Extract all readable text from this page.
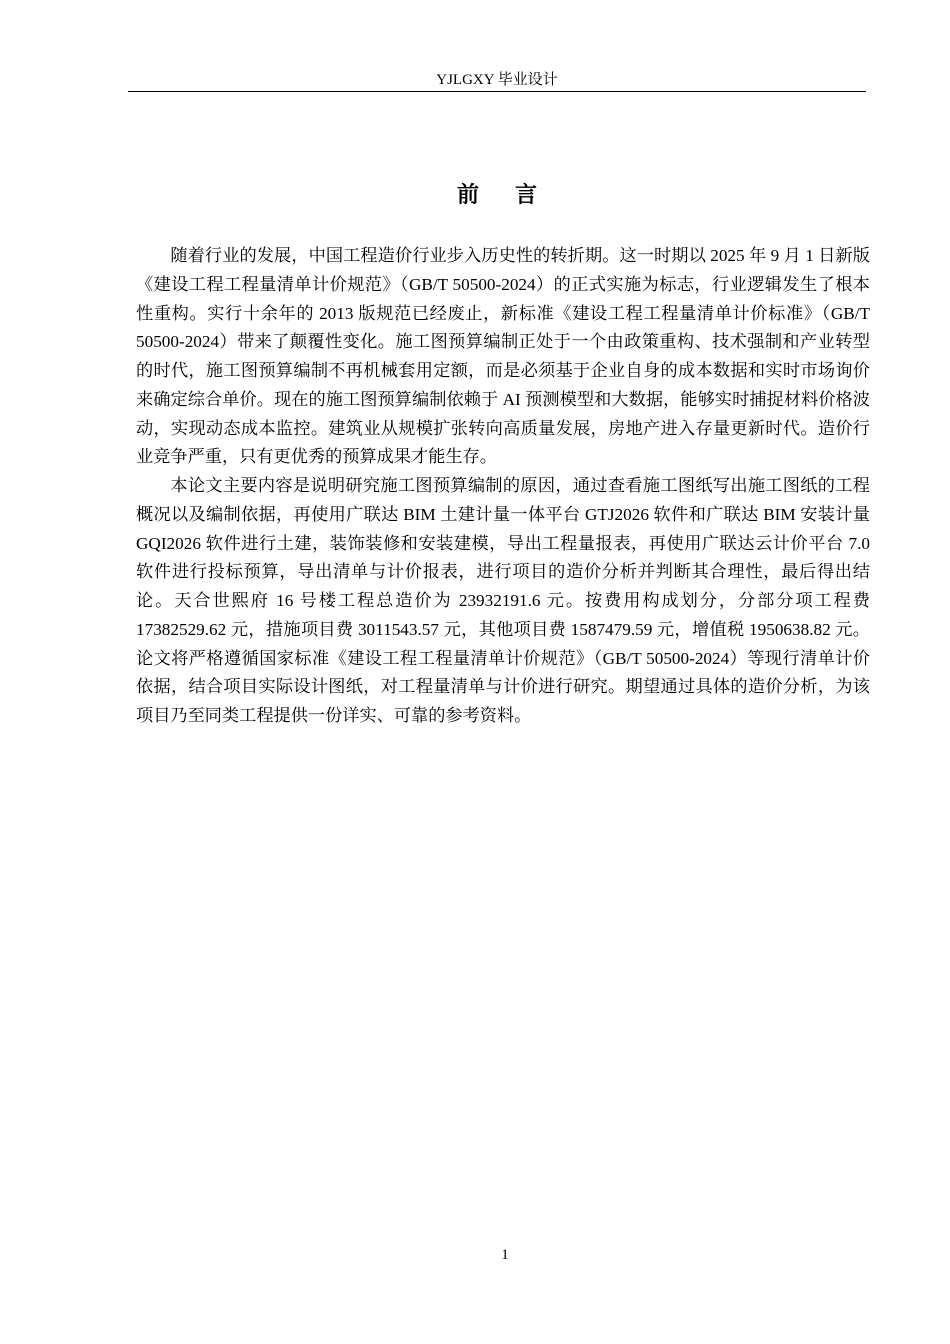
YJLGXY 毕业设计
前言

随着行业的发展，中国工程造价行业步入历史性的转折期。这一时期以 2025 年 9 月 1 日新版《建设工程工程量清单计价规范》（GB/T 50500-2024）的正式实施为标志，行业逻辑发生了根本性重构。实行十余年的 2013 版规范已经废止，新标准《建设工程工程量清单计价标准》（GB/T 50500-2024）带来了颠覆性变化。施工图预算编制正处于一个由政策重构、技术强制和产业转型的时代，施工图预算编制不再机械套用定额，而是必须基于企业自身的成本数据和实时市场询价来确定综合单价。现在的施工图预算编制依赖于 AI 预测模型和大数据，能够实时捕捉材料价格波动，实现动态成本监控。建筑业从规模扩张转向高质量发展，房地产进入存量更新时代。造价行业竞争严重，只有更优秀的预算成果才能生存。

本论文主要内容是说明研究施工图预算编制的原因，通过查看施工图纸写出施工图纸的工程概况以及编制依据，再使用广联达 BIM 土建计量一体平台 GTJ2026 软件和广联达 BIM 安装计量 GQI2026 软件进行土建，装饰装修和安装建模，导出工程量报表，再使用广联达云计价平台 7.0 软件进行投标预算，导出清单与计价报表，进行项目的造价分析并判断其合理性，最后得出结论。天合世熙府 16 号楼工程总造价为 23932191.6 元。按费用构成划分，分部分项工程费 17382529.62 元，措施项目费 3011543.57 元，其他项目费 1587479.59 元，增值税 1950638.82 元。论文将严格遵循国家标准《建设工程工程量清单计价规范》（GB/T 50500-2024）等现行清单计价依据，结合项目实际设计图纸，对工程量清单与计价进行研究。期望通过具体的造价分析，为该项目乃至同类工程提供一份详实、可靠的参考资料。

1
